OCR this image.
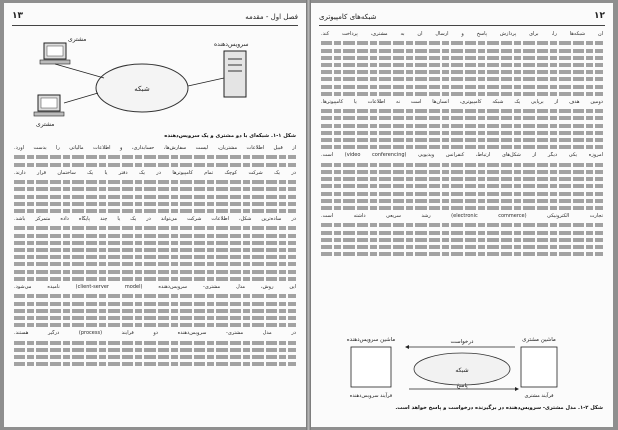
۱۳	فصل اول - مقدمه
شبکه
مشتری
مشتری
سرویس‌دهنده
شکل ۱-۱. شبکه‌ای با دو مشتری و یک سرویس‌دهنده
از قبیل اطلاعات مشتریان، لیست سفارش‌ها، حسابداری، و اطلاعات مالیاتی را بدست آورد.
در یک شرکت کوچک تمام کامپیوترها در یک دفتر یا یک ساختمان قرار دارند.
در ساده‌ترین شکل، اطلاعات شرکت می‌تواند در یک یا چند پایگاه داده متمرکز باشد.
این روش، مدل مشتری- سرویس‌دهنده (client-server model) نامیده می‌شود.
در مدل مشتری- سرویس‌دهنده دو فرایند (process) درگیر هستند.
۱۲
شبکه‌های کامپیوتری
آن شبکه‌ها را، برای پردازش پاسخ و ارسال آن به مشتری، پرداخت کند.
دومین هدف از برپایی یک شبکه کامپیوتری، انسان‌ها است نه اطلاعات یا کامپیوترها.
امروزه یکی دیگر از شکل‌های ارتباط، کنفرانس ویدیویی (video conferencing) است.
تجارت الکترونیکی (electronic commerce) رشد سریعی داشته است.
ماشین مشتری
ماشین سرویس‌دهنده	درخواست
شبکه
پاسخ
فرآیند مشتری
فرآیند سرویس‌دهنده
شکل ۲-۱. مدل مشتری- سرویس‌دهنده در برگیرنده درخواست و پاسخ خواهد است.
